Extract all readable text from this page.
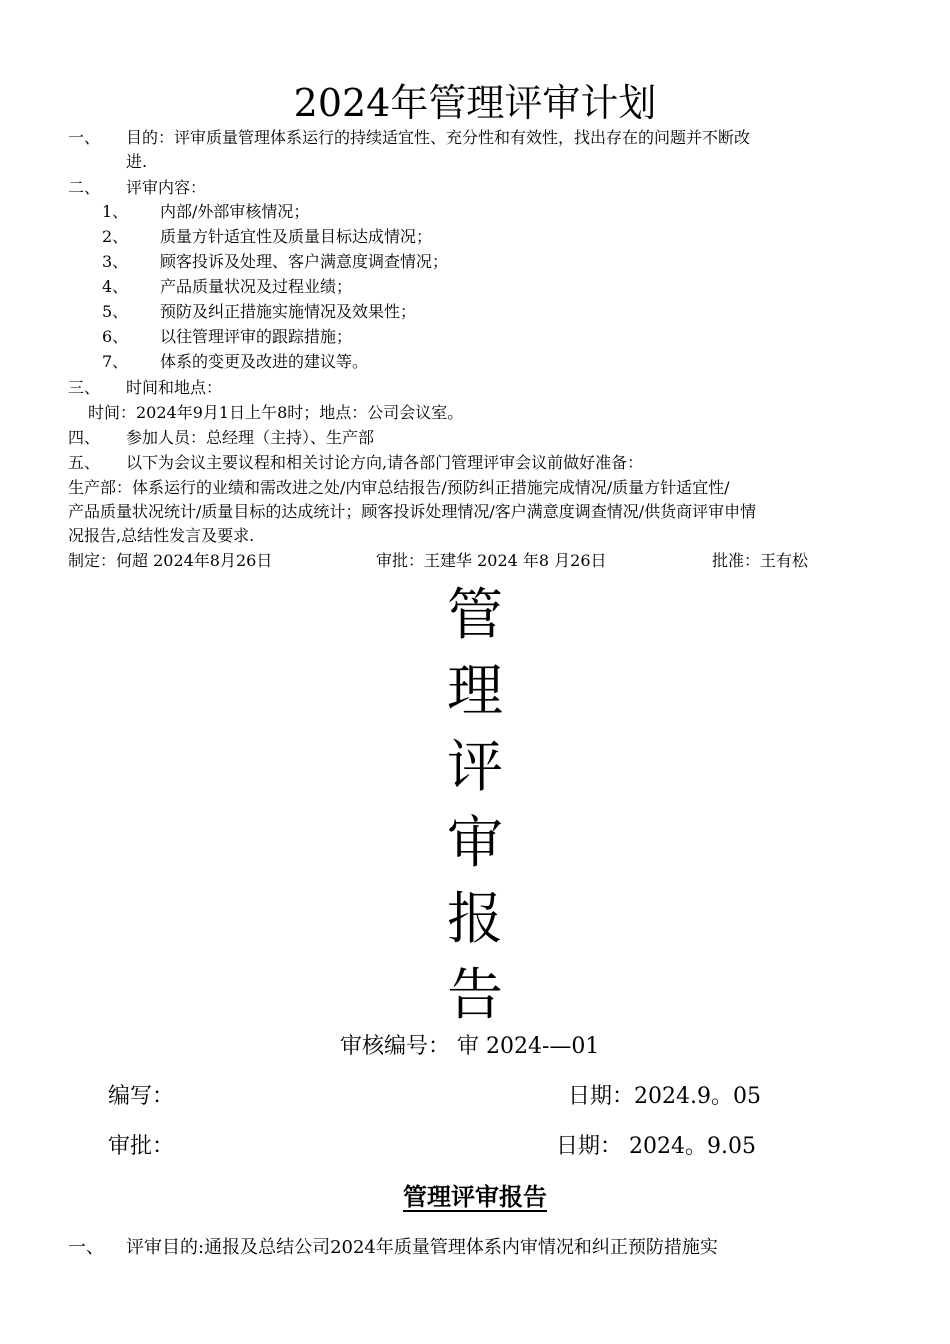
2024年管理评审计划
一、 目的：评审质量管理体系运行的持续适宜性、充分性和有效性，找出存在的问题并不断改
进.
二、 评审内容：
1、 内部/外部审核情况；
2、 质量方针适宜性及质量目标达成情况；
3、 顾客投诉及处理、客户满意度调查情况；
4、 产品质量状况及过程业绩；
5、 预防及纠正措施实施情况及效果性；
6、 以往管理评审的跟踪措施；
7、 体系的变更及改进的建议等。
三、 时间和地点：
时间：2024年9月1日上午8时；地点：公司会议室。
四、 参加人员：总经理（主持）、生产部
五、 以下为会议主要议程和相关讨论方向,请各部门管理评审会议前做好准备：
生产部：体系运行的业绩和需改进之处/内审总结报告/预防纠正措施完成情况/质量方针适宜性/
产品质量状况统计/质量目标的达成统计；顾客投诉处理情况/客户满意度调查情况/供货商评审申情
况报告,总结性发言及要求.
制定：何超 2024年8月26日	审批：王建华 2024 年8 月26日	批准：王有松
管
理
评
审
报
告
审核编号： 审 2024-—01
编写：	日期：2024.9。05
审批：	日期： 2024。9.05
管理评审报告
一、 评审目的:通报及总结公司2024年质量管理体系内审情况和纠正预防措施实
